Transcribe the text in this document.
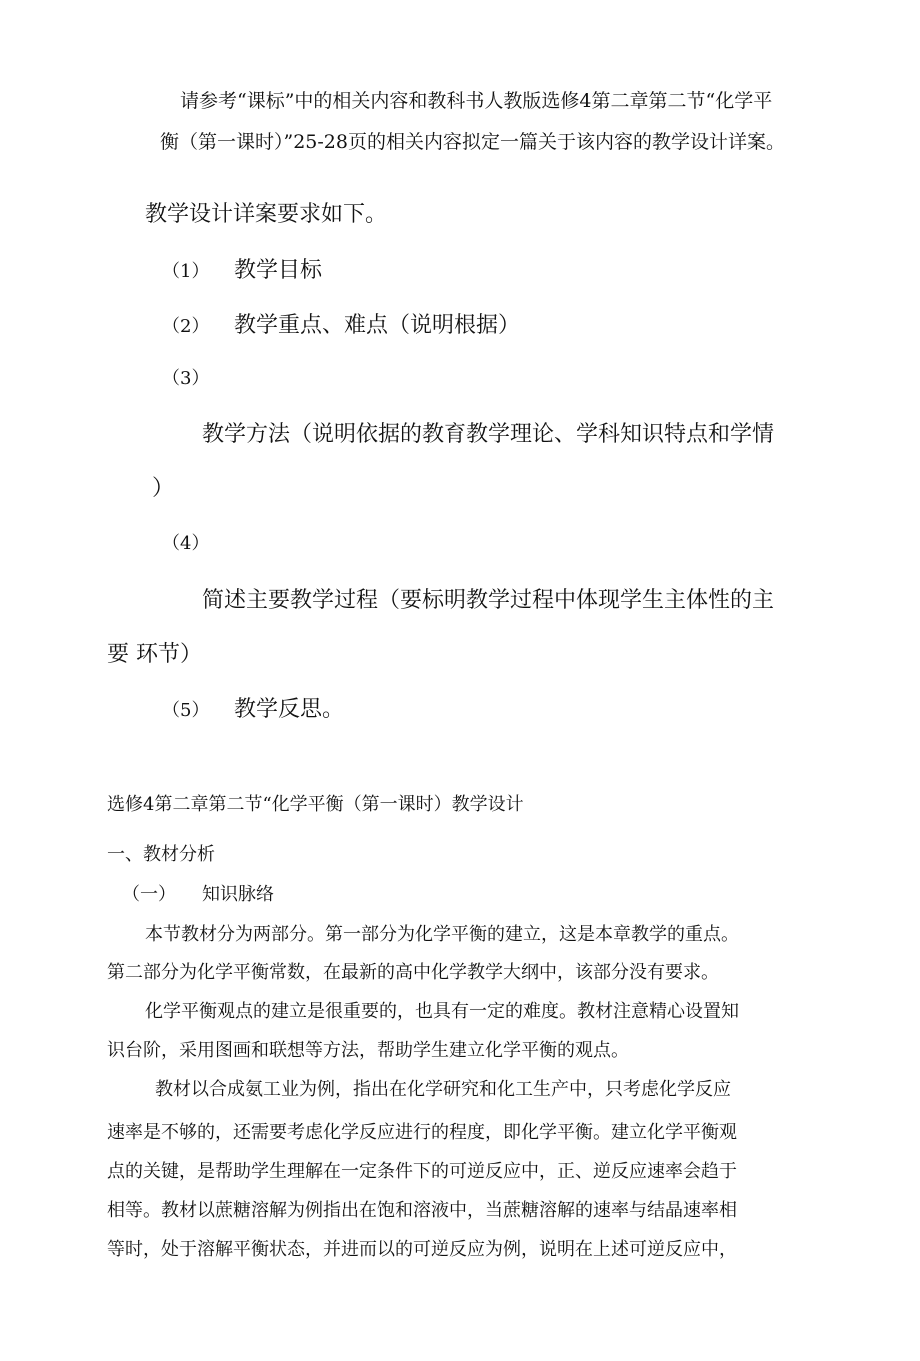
请参考“课标”中的相关内容和教科书人教版选修4第二章第二节“化学平
衡（第一课时）”25-28页的相关内容拟定一篇关于该内容的教学设计详案。
教学设计详案要求如下。
（1） 教学目标
（2） 教学重点、难点（说明根据）
（3）
教学方法（说明依据的教育教学理论、学科知识特点和学情
）
（4）
简述主要教学过程（要标明教学过程中体现学生主体性的主
要 环节）
（5） 教学反思。
选修4第二章第二节“化学平衡（第一课时）教学设计
一、教材分析
（一） 知识脉络
本节教材分为两部分。第一部分为化学平衡的建立，这是本章教学的重点。
第二部分为化学平衡常数，在最新的高中化学教学大纲中，该部分没有要求。
化学平衡观点的建立是很重要的，也具有一定的难度。教材注意精心设置知
识台阶，采用图画和联想等方法，帮助学生建立化学平衡的观点。
教材以合成氨工业为例，指出在化学研究和化工生产中，只考虑化学反应
速率是不够的，还需要考虑化学反应进行的程度，即化学平衡。建立化学平衡观
点的关键，是帮助学生理解在一定条件下的可逆反应中，正、逆反应速率会趋于
相等。教材以蔗糖溶解为例指出在饱和溶液中，当蔗糖溶解的速率与结晶速率相
等时，处于溶解平衡状态，并进而以的可逆反应为例，说明在上述可逆反应中，
